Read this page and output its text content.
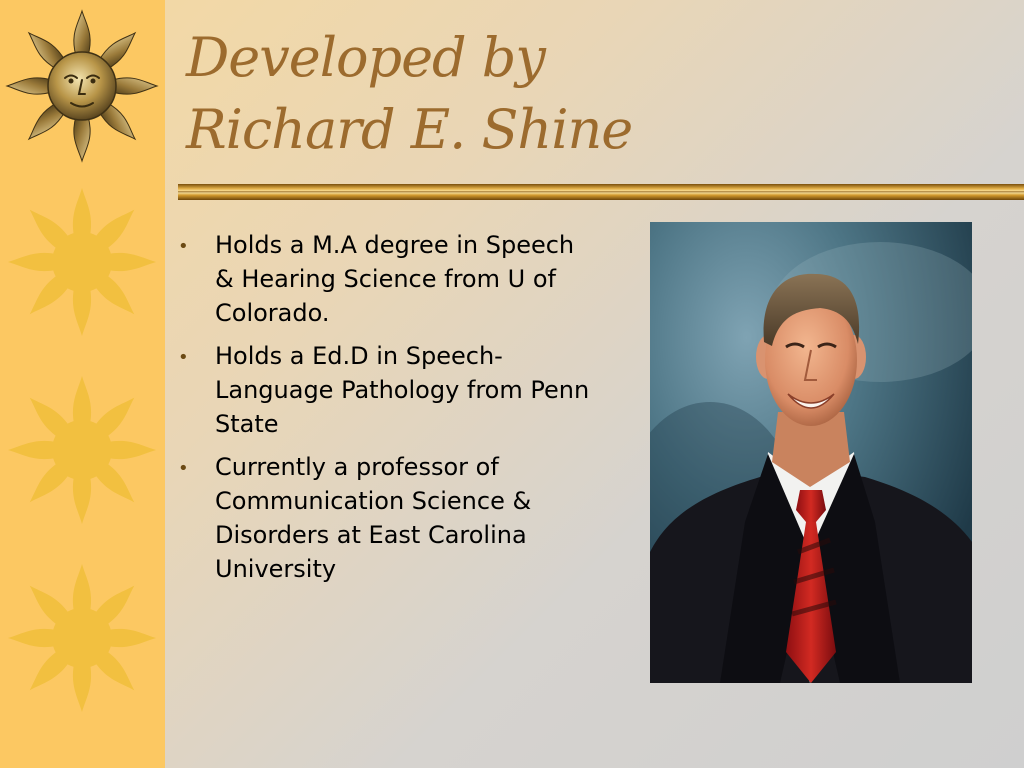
Developed by
Richard E. Shine
• Holds a M.A degree in Speech & Hearing Science from U of Colorado.
• Holds a Ed.D in Speech-Language Pathology from Penn State
• Currently a professor of Communication Science & Disorders at East Carolina University
